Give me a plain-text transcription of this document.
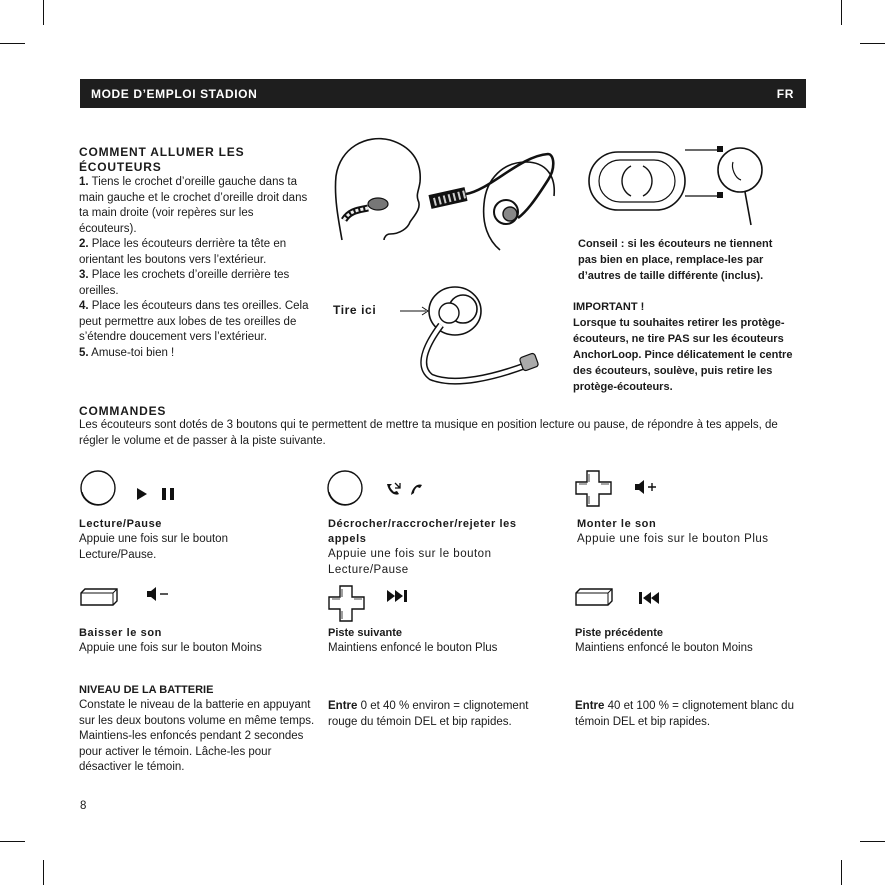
MODE D’EMPLOI STADION	FR
COMMENT ALLUMER LES ÉCOUTEURS
1. Tiens le crochet d’oreille gauche dans ta main gauche et le crochet d’oreille droit dans ta main droite (voir repères sur les écouteurs).
2. Place les écouteurs derrière ta tête en orientant les boutons vers l’extérieur.
3. Place les crochets d’oreille derrière tes oreilles.
4. Place les écouteurs dans tes oreilles. Cela peut permettre aux lobes de tes oreilles de s’étendre doucement vers l’extérieur.
5. Amuse-toi bien !
Conseil : si les écouteurs ne tiennent pas bien en place, remplace-les par d’autres de taille différente (inclus).
Tire ici	IMPORTANT !
Lorsque tu souhaites retirer les protège-écouteurs, ne tire PAS sur les écouteurs AnchorLoop. Pince délicatement le centre des écouteurs, soulève, puis retire les protège-écouteurs.
COMMANDES
Les écouteurs sont dotés de 3 boutons qui te permettent de mettre ta musique en position lecture ou pause, de répondre à tes appels, de régler le volume et de passer à la piste suivante.
Lecture/Pause
Appuie une fois sur le bouton Lecture/Pause.
Décrocher/raccrocher/rejeter les appels
Appuie une fois sur le bouton Lecture/Pause
Monter le son
Appuie une fois sur le bouton Plus
Baisser le son
Appuie une fois sur le bouton Moins
Piste suivante
Maintiens enfoncé le bouton Plus
Piste précédente
Maintiens enfoncé le bouton Moins
NIVEAU DE LA BATTERIE
Constate le niveau de la batterie en appuyant sur les deux boutons volume en même temps. Maintiens-les enfoncés pendant 2 secondes pour activer le témoin. Lâche-les pour désactiver le témoin.
Entre 0 et 40 % environ = clignotement rouge du témoin DEL et bip rapides.
Entre 40 et 100 % = clignotement blanc du témoin DEL et bip rapides.
8
